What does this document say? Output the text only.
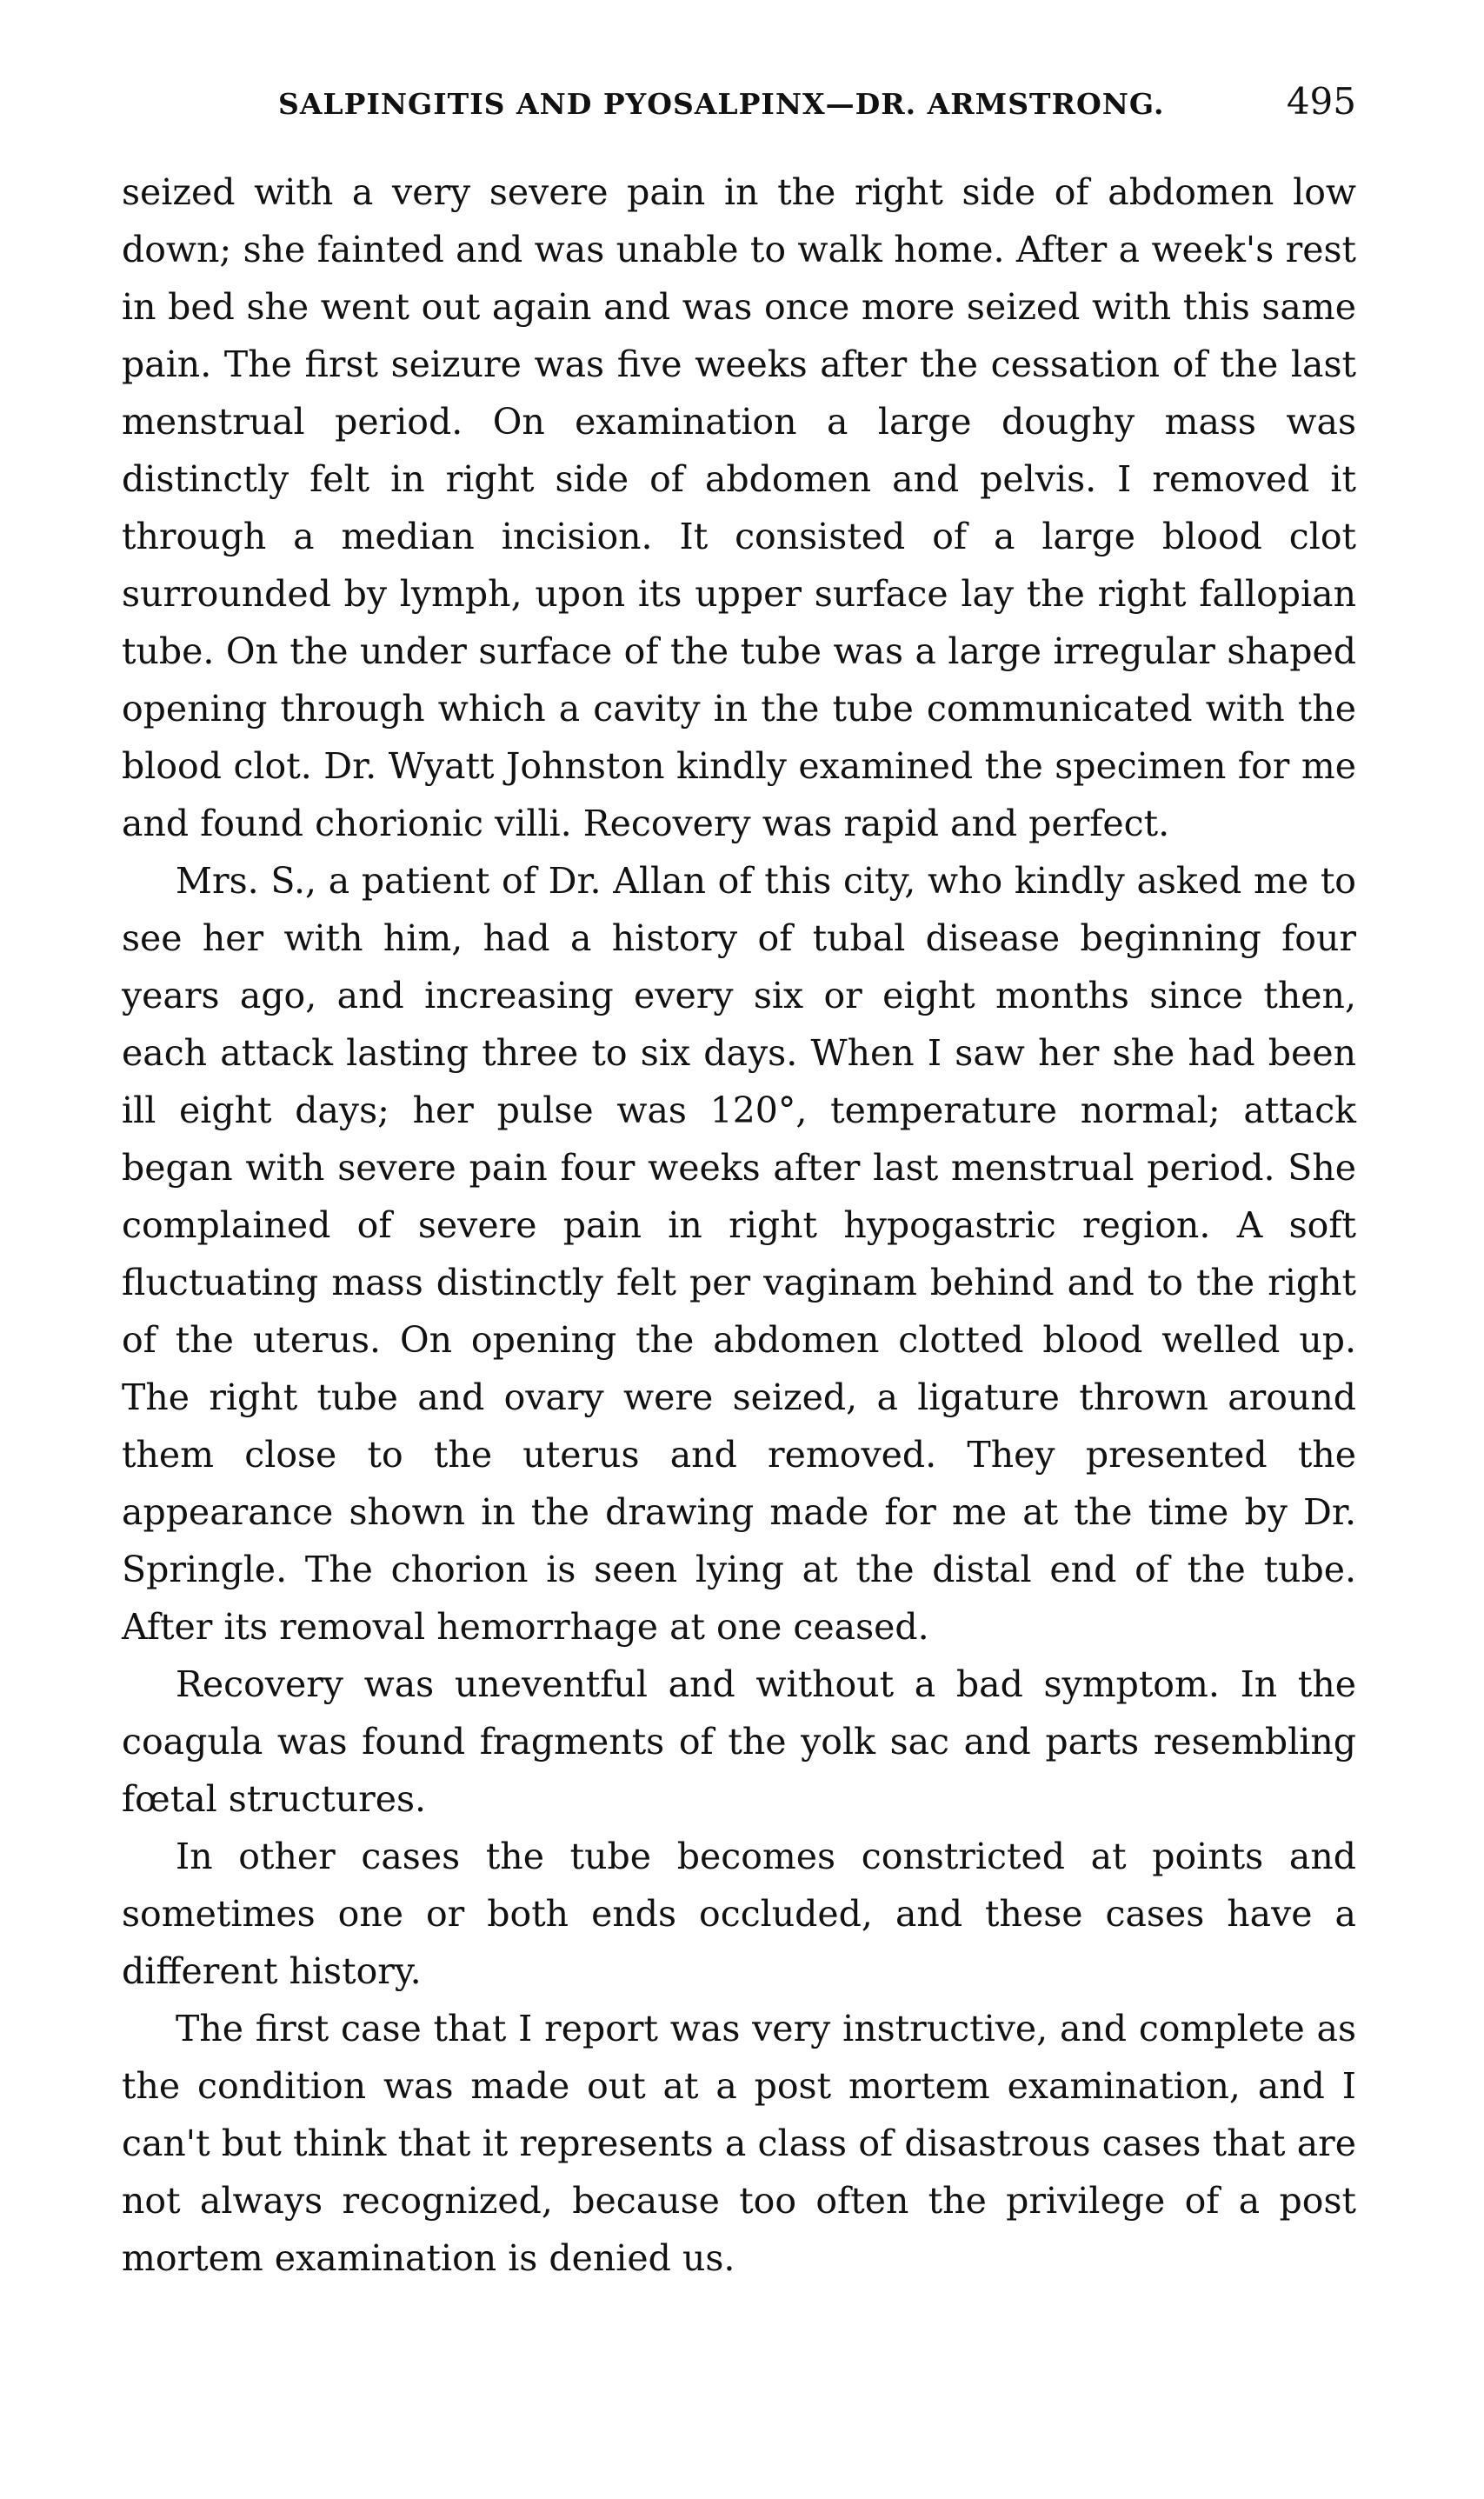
SALPINGITIS AND PYOSALPINX—DR. ARMSTRONG.	495

seized with a very severe pain in the right side of abdomen low down; she fainted and was unable to walk home. After a week's rest in bed she went out again and was once more seized with this same pain. The first seizure was five weeks after the cessation of the last menstrual period. On examination a large doughy mass was distinctly felt in right side of abdomen and pelvis. I removed it through a median incision. It consisted of a large blood clot surrounded by lymph, upon its upper surface lay the right fallopian tube. On the under surface of the tube was a large irregular shaped opening through which a cavity in the tube communicated with the blood clot. Dr. Wyatt Johnston kindly examined the specimen for me and found chorionic villi. Recovery was rapid and perfect.

Mrs. S., a patient of Dr. Allan of this city, who kindly asked me to see her with him, had a history of tubal disease beginning four years ago, and increasing every six or eight months since then, each attack lasting three to six days. When I saw her she had been ill eight days; her pulse was 120°, temperature normal; attack began with severe pain four weeks after last menstrual period. She complained of severe pain in right hypogastric region. A soft fluctuating mass distinctly felt per vaginam behind and to the right of the uterus. On opening the abdomen clotted blood welled up. The right tube and ovary were seized, a ligature thrown around them close to the uterus and removed. They presented the appearance shown in the drawing made for me at the time by Dr. Springle. The chorion is seen lying at the distal end of the tube. After its removal hemorrhage at one ceased.

Recovery was uneventful and without a bad symptom. In the coagula was found fragments of the yolk sac and parts resembling fœtal structures.

In other cases the tube becomes constricted at points and sometimes one or both ends occluded, and these cases have a different history.

The first case that I report was very instructive, and complete as the condition was made out at a post mortem examination, and I can't but think that it represents a class of disastrous cases that are not always recognized, because too often the privilege of a post mortem examination is denied us.
